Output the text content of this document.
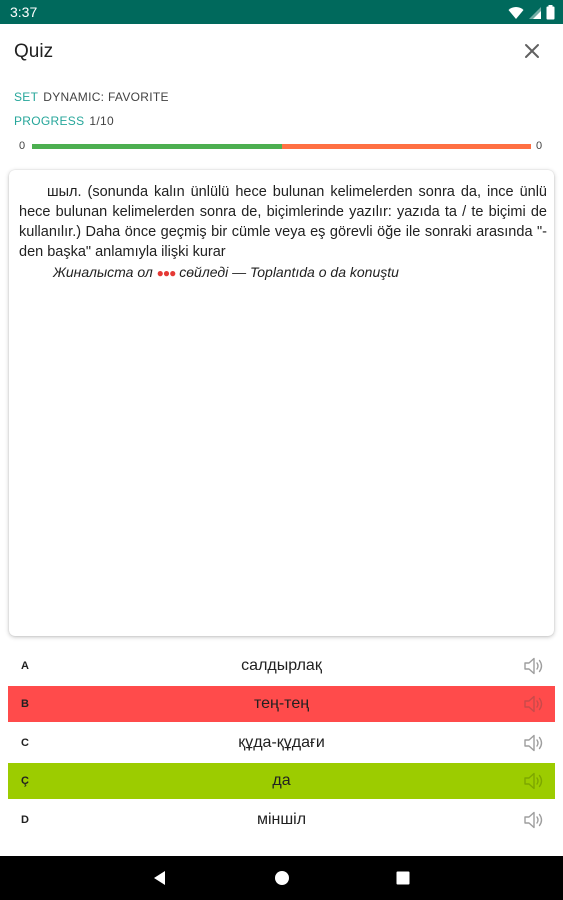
3:37
Quiz
SET DYNAMIC: FAVORITE
PROGRESS 1/10
0	0
шыл. (sonunda kalın ünlülü hece bulunan kelimelerden sonra da, ince ünlü hece bulunan kelimelerden sonra de, biçimlerinde yazılır: yazıda ta / te biçimi de kullanılır.) Daha önce geçmiş bir cümle veya eş görevli öğe ile sonraki arasında "-den başka" anlamıyla ilişki kurar
Жиналыста ол ●●● сөйледі — Toplantıda o da konuştu
A	салдырлақ
B	тең-тең
C	құда-құдағи
Ç	да
D	міншіл
